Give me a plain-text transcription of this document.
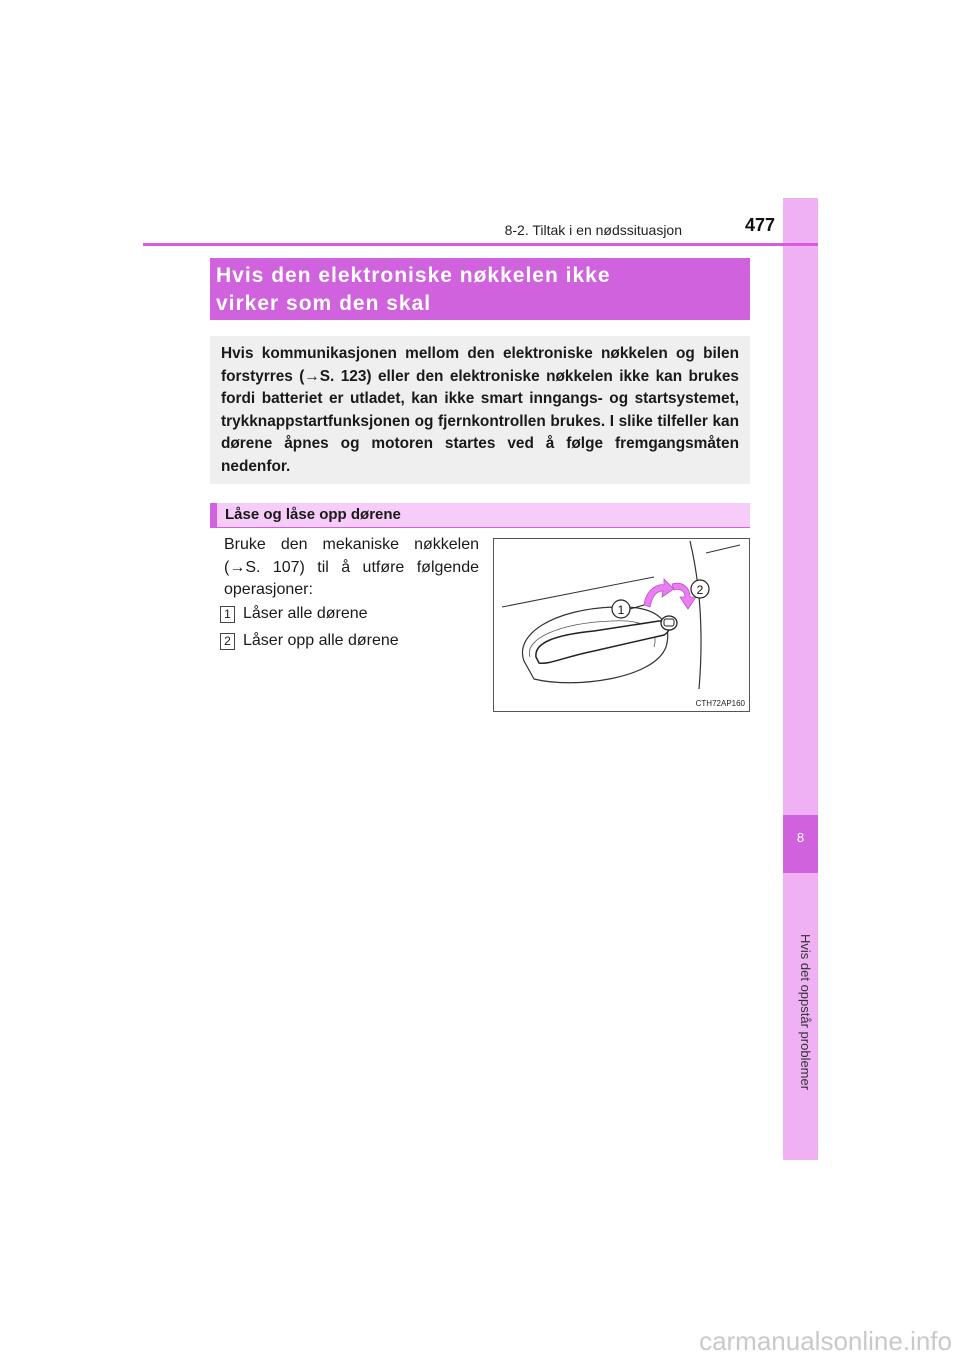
8
Hvis det oppstår problemer
8-2. Tiltak i en nødssituasjon	477
Hvis den elektroniske nøkkelen ikke
virker som den skal
Hvis kommunikasjonen mellom den elektroniske nøkkelen og bilen forstyrres (→S. 123) eller den elektroniske nøkkelen ikke kan brukes fordi batteriet er utladet, kan ikke smart inngangs- og startsystemet, trykknappstartfunksjonen og fjernkontrollen brukes. I slike tilfeller kan dørene åpnes og motoren startes ved å følge fremgangsmåten nedenfor.
Låse og låse opp dørene
Bruke den mekaniske nøkkelen (→S. 107) til å utføre følgende operasjoner:
1 Låser alle dørene
2 Låser opp alle dørene
1
2
CTH72AP160
carmanualsonline.info
